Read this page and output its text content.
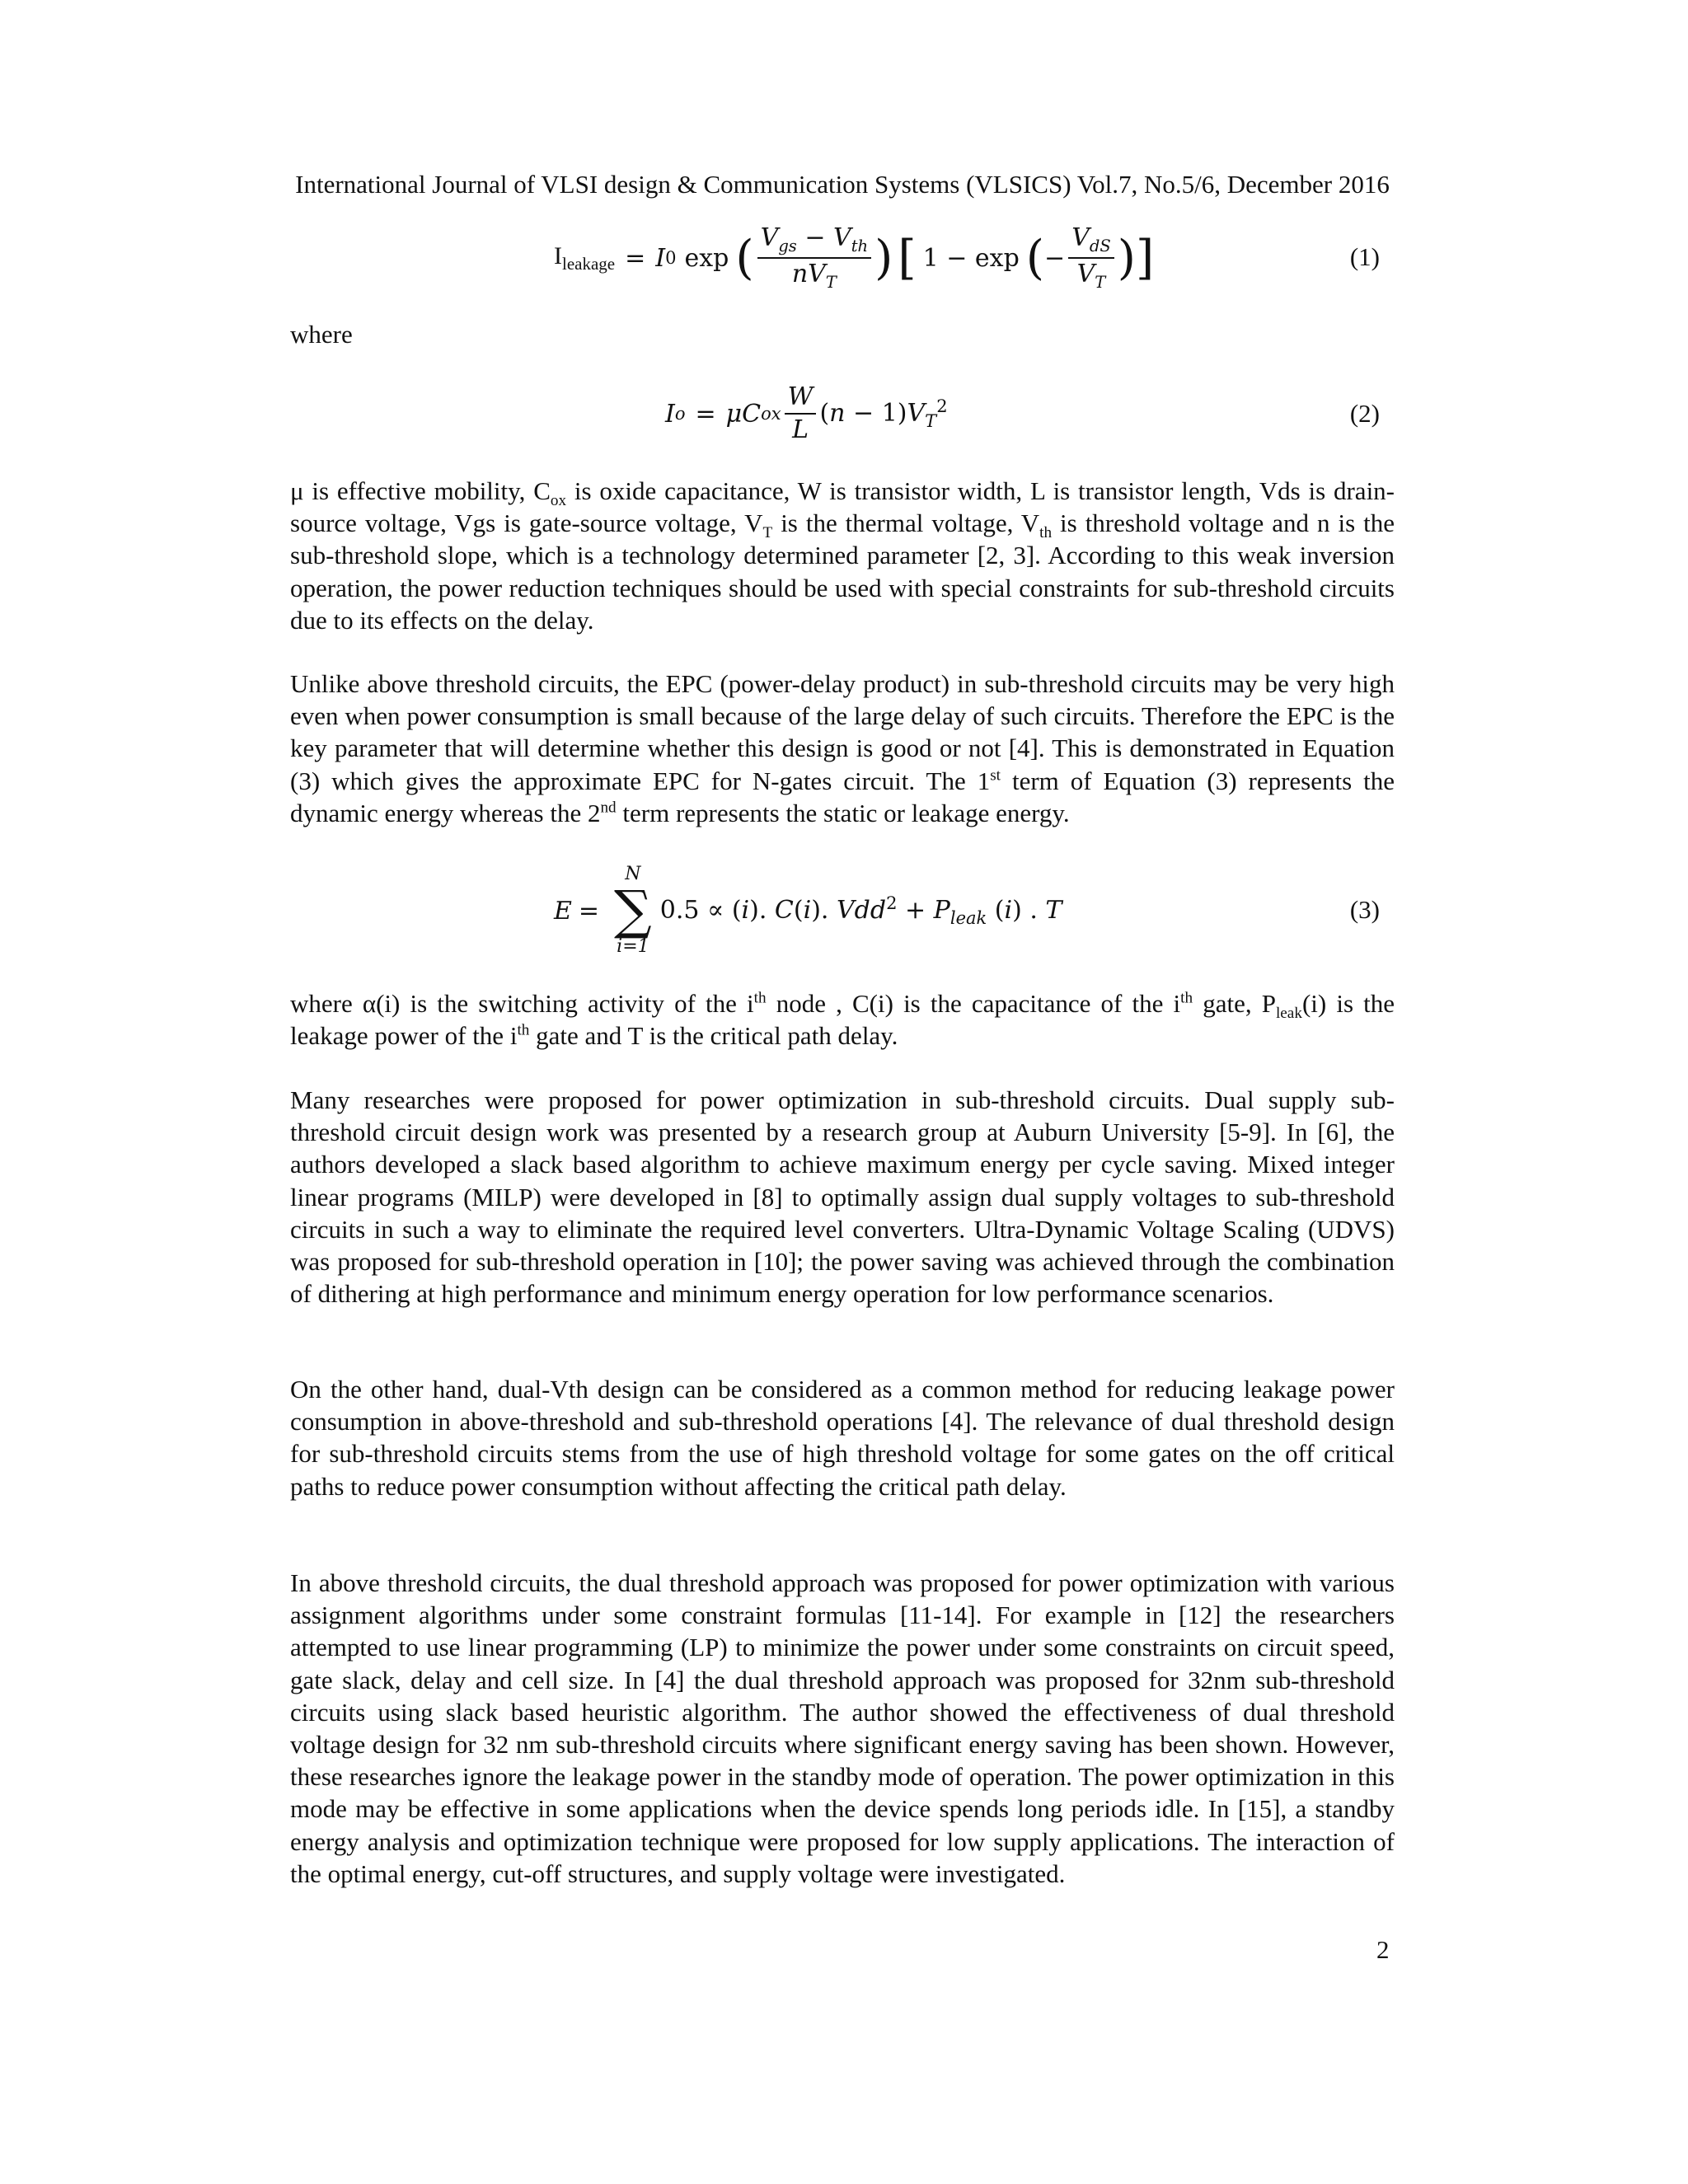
International Journal of VLSI design & Communication Systems (VLSICS) Vol.7, No.5/6, December 2016
$I_{leakage} = I$ 0 exp ( $\frac{V_{gs} - V_{th}}{nV_T}$ ) [ 1 − exp ( − $\frac{V_{dS}}{V_T}$ ) ]	(1)
where
I o = μC ox $\frac{W}{L} (n - 1)V_T^2$	(2)

μ is effective mobility, $C_{ox}$ is oxide capacitance, W is transistor width, L is transistor length, Vds is drain-source voltage, Vgs is gate-source voltage, $V_T$ is the thermal voltage, $V_{th}$ is threshold voltage and n is the sub-threshold slope, which is a technology determined parameter [2, 3]. According to this weak inversion operation, the power reduction techniques should be used with special constraints for sub-threshold circuits due to its effects on the delay.

Unlike above threshold circuits, the EPC (power-delay product) in sub-threshold circuits may be very high even when power consumption is small because of the large delay of such circuits. Therefore the EPC is the key parameter that will determine whether this design is good or not [4]. This is demonstrated in Equation (3) which gives the approximate EPC for N-gates circuit. The 1st term of Equation (3) represents the dynamic energy whereas the 2nd term represents the static or leakage energy.

E =
N
∑
i=1
0.5 ∝ (i). C(i). $Vdd^2 + P_{leak}$ (i) . T	(3)

where α(i) is the switching activity of the $i^{th}$ node , C(i) is the capacitance of the $i^{th}$ gate, $P_{leak}(i)$ is the leakage power of the $i^{th}$ gate and T is the critical path delay.

Many researches were proposed for power optimization in sub-threshold circuits. Dual supply sub-threshold circuit design work was presented by a research group at Auburn University [5-9]. In [6], the authors developed a slack based algorithm to achieve maximum energy per cycle saving. Mixed integer linear programs (MILP) were developed in [8] to optimally assign dual supply voltages to sub-threshold circuits in such a way to eliminate the required level converters. Ultra-Dynamic Voltage Scaling (UDVS) was proposed for sub-threshold operation in [10]; the power saving was achieved through the combination of dithering at high performance and minimum energy operation for low performance scenarios.

On the other hand, dual-Vth design can be considered as a common method for reducing leakage power consumption in above-threshold and sub-threshold operations [4]. The relevance of dual threshold design for sub-threshold circuits stems from the use of high threshold voltage for some gates on the off critical paths to reduce power consumption without affecting the critical path delay.

In above threshold circuits, the dual threshold approach was proposed for power optimization with various assignment algorithms under some constraint formulas [11-14]. For example in [12] the researchers attempted to use linear programming (LP) to minimize the power under some constraints on circuit speed, gate slack, delay and cell size. In [4] the dual threshold approach was proposed for 32nm sub-threshold circuits using slack based heuristic algorithm. The author showed the effectiveness of dual threshold voltage design for 32 nm sub-threshold circuits where significant energy saving has been shown. However, these researches ignore the leakage power in the standby mode of operation. The power optimization in this mode may be effective in some applications when the device spends long periods idle. In [15], a standby energy analysis and optimization technique were proposed for low supply applications. The interaction of the optimal energy, cut-off structures, and supply voltage were investigated.

2
